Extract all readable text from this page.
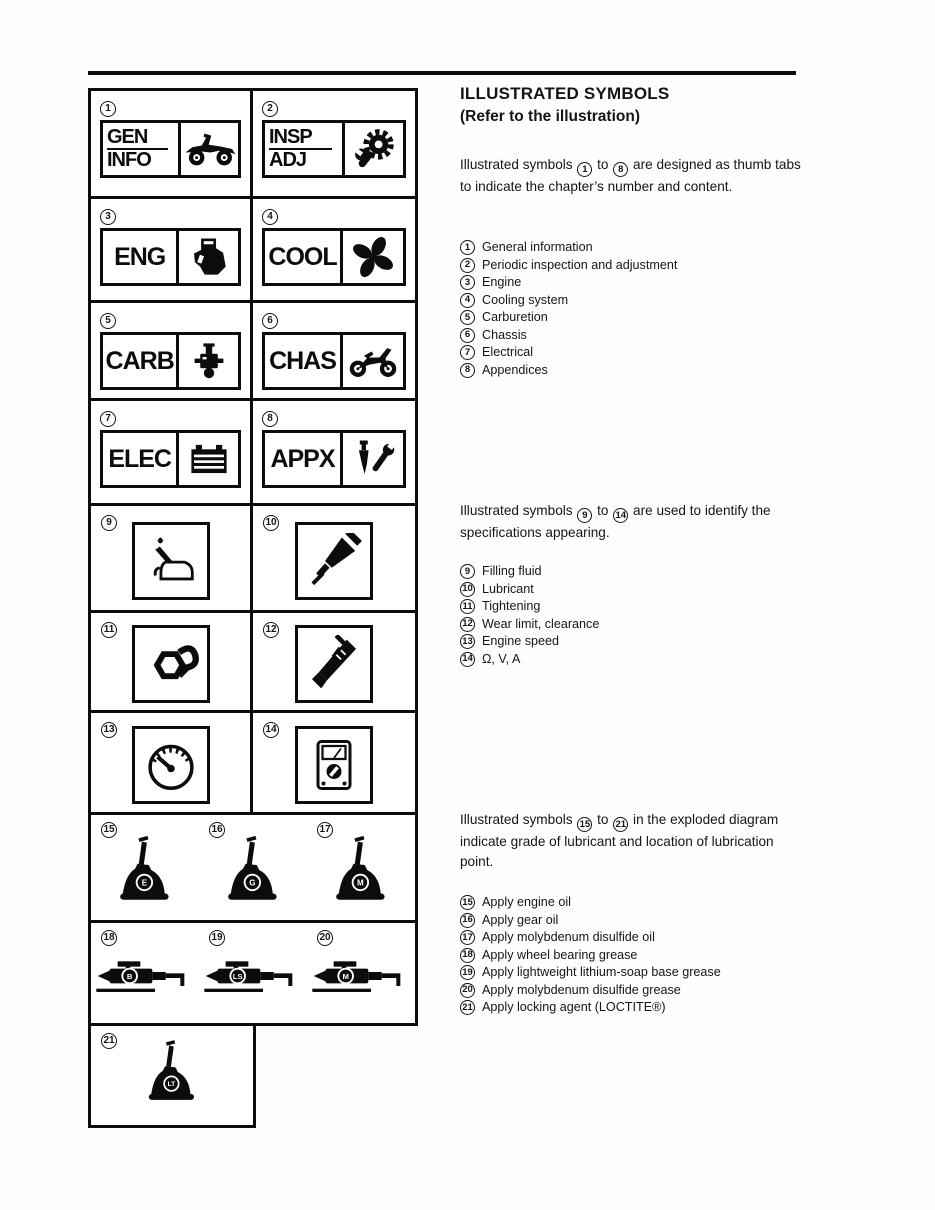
1
GEN
INFO
2
INSP
ADJ
3
ENG
4
COOL
5
CARB
6
CHAS
7
ELEC
8
APPX
9	10
11	12
13	14
15
E
16
G
17
M
18
B
19
LS
20
M
21
LT
ILLUSTRATED SYMBOLS
(Refer to the illustration)

Illustrated symbols 1 to 8 are designed as thumb tabs to indicate the chapter’s number and content.

1 General information
2 Periodic inspection and adjustment
3 Engine
4 Cooling system
5 Carburetion
6 Chassis
7 Electrical
8 Appendices

Illustrated symbols 9 to 14 are used to identify the specifications appearing.

9 Filling fluid
10 Lubricant
11 Tightening
12 Wear limit, clearance
13 Engine speed
14 Ω, V, A

Illustrated symbols 15 to 21 in the exploded diagram indicate grade of lubricant and location of lubrication point.

15 Apply engine oil
16 Apply gear oil
17 Apply molybdenum disulfide oil
18 Apply wheel bearing grease
19 Apply lightweight lithium-soap base grease
20 Apply molybdenum disulfide grease
21 Apply locking agent (LOCTITE®)
